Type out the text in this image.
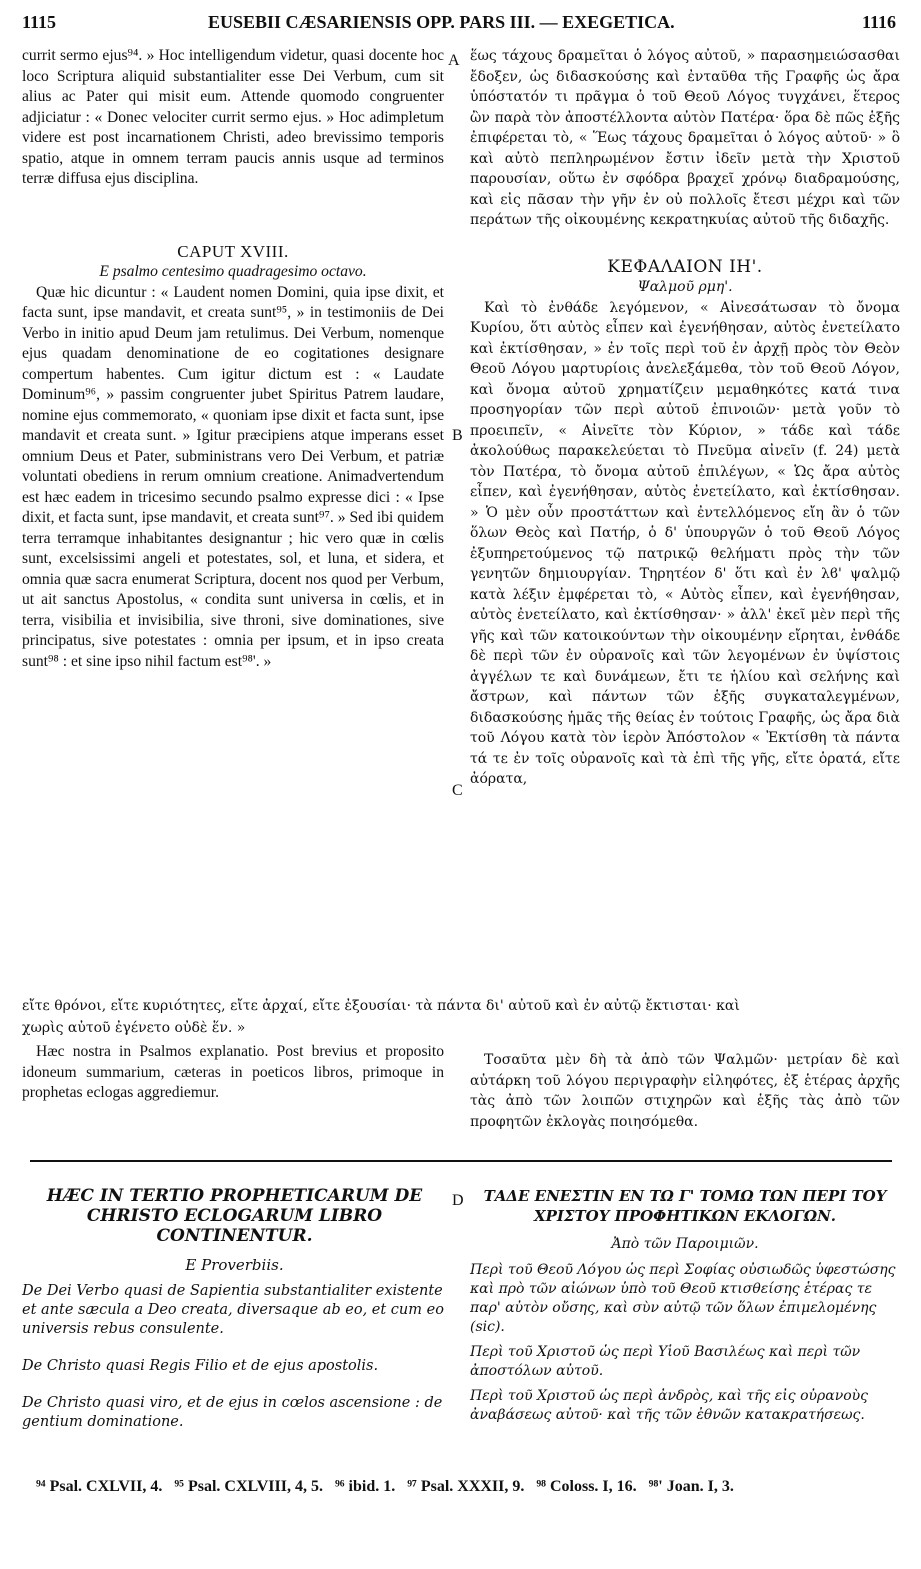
1115	EUSEBII CÆSARIENSIS OPP. PARS III. — EXEGETICA.	1116
A
B
C
D

currit sermo ejus⁹⁴. » Hoc intelligendum videtur, quasi docente hoc loco Scriptura aliquid substantialiter esse Dei Verbum, cum sit alius ac Pater qui misit eum. Attende quomodo congruenter adjiciatur : « Donec velociter currit sermo ejus. » Hoc adimpletum videre est post incarnationem Christi, adeo brevissimo temporis spatio, atque in omnem terram paucis annis usque ad terminos terræ diffusa ejus disciplina.

CAPUT XVIII.

E psalmo centesimo quadragesimo octavo.

Quæ hic dicuntur : « Laudent nomen Domini, quia ipse dixit, et facta sunt, ipse mandavit, et creata sunt⁹⁵, » in testimoniis de Dei Verbo in initio apud Deum jam retulimus. Dei Verbum, nomenque ejus quadam denominatione de eo cogitationes designare compertum habentes. Cum igitur dictum est : « Laudate Dominum⁹⁶, » passim congruenter jubet Spiritus Patrem laudare, nomine ejus commemorato, « quoniam ipse dixit et facta sunt, ipse mandavit et creata sunt. » Igitur præcipiens atque imperans esset omnium Deus et Pater, subministrans vero Dei Verbum, et patriæ voluntati obediens in rerum omnium creatione. Animadvertendum est hæc eadem in tricesimo secundo psalmo expresse dici : « Ipse dixit, et facta sunt, ipse mandavit, et creata sunt⁹⁷. » Sed ibi quidem terra terramque inhabitantes designantur ; hic vero quæ in cœlis sunt, excelsissimi angeli et potestates, sol, et luna, et sidera, et omnia quæ sacra enumerat Scriptura, docent nos quod per Verbum, ut ait sanctus Apostolus, « condita sunt universa in cœlis, et in terra, visibilia et invisibilia, sive throni, sive dominationes, sive principatus, sive potestates : omnia per ipsum, et in ipso creata sunt⁹⁸ : et sine ipso nihil factum est⁹⁸'. »

ἕως τάχους δραμεῖται ὁ λόγος αὐτοῦ, » παρασημειώσασθαι ἔδοξεν, ὡς διδασκούσης καὶ ἐνταῦθα τῆς Γραφῆς ὡς ἄρα ὑπόστατόν τι πρᾶγμα ὁ τοῦ Θεοῦ Λόγος τυγχάνει, ἕτερος ὢν παρὰ τὸν ἀποστέλλοντα αὐτὸν Πατέρα· ὅρα δὲ πῶς ἑξῆς ἐπιφέρεται τὸ, « Ἕως τάχους δραμεῖται ὁ λόγος αὐτοῦ· » ὃ καὶ αὐτὸ πεπληρωμένον ἔστιν ἰδεῖν μετὰ τὴν Χριστοῦ παρουσίαν, οὕτω ἐν σφόδρα βραχεῖ χρόνῳ διαδραμούσης, καὶ εἰς πᾶσαν τὴν γῆν ἐν οὐ πολλοῖς ἔτεσι μέχρι καὶ τῶν περάτων τῆς οἰκουμένης κεκρατηκυίας αὐτοῦ τῆς διδαχῆς.

ΚΕΦΑΛΑΙΟΝ ΙΗ'.

Ψαλμοῦ ρμη'.

Καὶ τὸ ἐνθάδε λεγόμενον, « Αἰνεσάτωσαν τὸ ὄνομα Κυρίου, ὅτι αὐτὸς εἶπεν καὶ ἐγενήθησαν, αὐτὸς ἐνετείλατο καὶ ἐκτίσθησαν, » ἐν τοῖς περὶ τοῦ ἐν ἀρχῇ πρὸς τὸν Θεὸν Θεοῦ Λόγου μαρτυρίοις ἀνελεξάμεθα, τὸν τοῦ Θεοῦ Λόγον, καὶ ὄνομα αὐτοῦ χρηματίζειν μεμαθηκότες κατά τινα προσηγορίαν τῶν περὶ αὐτοῦ ἐπινοιῶν· μετὰ γοῦν τὸ προειπεῖν, « Αἰνεῖτε τὸν Κύριον, » τάδε καὶ τάδε ἀκολούθως παρακελεύεται τὸ Πνεῦμα αἰνεῖν (f. 24) μετὰ τὸν Πατέρα, τὸ ὄνομα αὐτοῦ ἐπιλέγων, « Ὡς ἄρα αὐτὸς εἶπεν, καὶ ἐγενήθησαν, αὐτὸς ἐνετείλατο, καὶ ἐκτίσθησαν. » Ὁ μὲν οὖν προστάττων καὶ ἐντελλόμενος εἴη ἂν ὁ τῶν ὅλων Θεὸς καὶ Πατήρ, ὁ δ' ὑπουργῶν ὁ τοῦ Θεοῦ Λόγος ἐξυπηρετούμενος τῷ πατρικῷ θελήματι πρὸς τὴν τῶν γενητῶν δημιουργίαν. Τηρητέον δ' ὅτι καὶ ἐν λϐ' ψαλμῷ κατὰ λέξιν ἐμφέρεται τὸ, « Αὐτὸς εἶπεν, καὶ ἐγενήθησαν, αὐτὸς ἐνετείλατο, καὶ ἐκτίσθησαν· » ἀλλ' ἐκεῖ μὲν περὶ τῆς γῆς καὶ τῶν κατοικούντων τὴν οἰκουμένην εἴρηται, ἐνθάδε δὲ περὶ τῶν ἐν οὐρανοῖς καὶ τῶν λεγομένων ἐν ὑψίστοις ἀγγέλων τε καὶ δυνάμεων, ἔτι τε ἡλίου καὶ σελήνης καὶ ἄστρων, καὶ πάντων τῶν ἑξῆς συγκαταλεγμένων, διδασκούσης ἡμᾶς τῆς θείας ἐν τούτοις Γραφῆς, ὡς ἄρα διὰ τοῦ Λόγου κατὰ τὸν ἱερὸν Ἀπόστολον « Ἐκτίσθη τὰ πάντα τά τε ἐν τοῖς οὐρανοῖς καὶ τὰ ἐπὶ τῆς γῆς, εἴτε ὁρατά, εἴτε ἀόρατα,

εἴτε θρόνοι, εἴτε κυριότητες, εἴτε ἀρχαί, εἴτε ἐξουσίαι· τὰ πάντα δι' αὐτοῦ καὶ ἐν αὐτῷ ἔκτισται· καὶ
χωρὶς αὐτοῦ ἐγένετο οὐδὲ ἕν. »

Hæc nostra in Psalmos explanatio. Post brevius et proposito idoneum summarium, cæteras in poeticos libros, primoque in prophetas eclogas aggrediemur.

Τοσαῦτα μὲν δὴ τὰ ἀπὸ τῶν Ψαλμῶν· μετρίαν δὲ καὶ αὐτάρκη τοῦ λόγου περιγραφὴν εἰληφότες, ἐξ ἑτέρας ἀρχῆς τὰς ἀπὸ τῶν λοιπῶν στιχηρῶν καὶ ἑξῆς τὰς ἀπὸ τῶν προφητῶν ἐκλογὰς ποιησόμεθα.

HÆC IN TERTIO PROPHETICARUM DE CHRISTO ECLOGARUM LIBRO CONTINENTUR.
E Proverbiis.
De Dei Verbo quasi de Sapientia substantialiter existente et ante sæcula a Deo creata, diversaque ab eo, et cum eo universis rebus consulente.
De Christo quasi Regis Filio et de ejus apostolis.
De Christo quasi viro, et de ejus in cœlos ascensione : de gentium dominatione.
ΤΑΔΕ ΕΝΕΣΤΙΝ ΕΝ ΤΩ Γ' ΤΟΜΩ ΤΩΝ ΠΕΡΙ ΤΟΥ ΧΡΙΣΤΟΥ ΠΡΟΦΗΤΙΚΩΝ ΕΚΛΟΓΩΝ.
Ἀπὸ τῶν Παροιμιῶν.
Περὶ τοῦ Θεοῦ Λόγου ὡς περὶ Σοφίας οὐσιωδῶς ὑφεστώσης καὶ πρὸ τῶν αἰώνων ὑπὸ τοῦ Θεοῦ κτισθείσης ἑτέρας τε παρ' αὐτὸν οὔσης, καὶ σὺν αὐτῷ τῶν ὅλων ἐπιμελομένης (sic).
Περὶ τοῦ Χριστοῦ ὡς περὶ Υἱοῦ Βασιλέως καὶ περὶ τῶν ἀποστόλων αὐτοῦ.
Περὶ τοῦ Χριστοῦ ὡς περὶ ἀνδρὸς, καὶ τῆς εἰς οὐρανοὺς ἀναβάσεως αὐτοῦ· καὶ τῆς τῶν ἐθνῶν κατακρατήσεως.
⁹⁴ Psal. CXLVII, 4.   ⁹⁵ Psal. CXLVIII, 4, 5.   ⁹⁶ ibid. 1.   ⁹⁷ Psal. XXXII, 9.   ⁹⁸ Coloss. I, 16.   ⁹⁸' Joan. I, 3.
